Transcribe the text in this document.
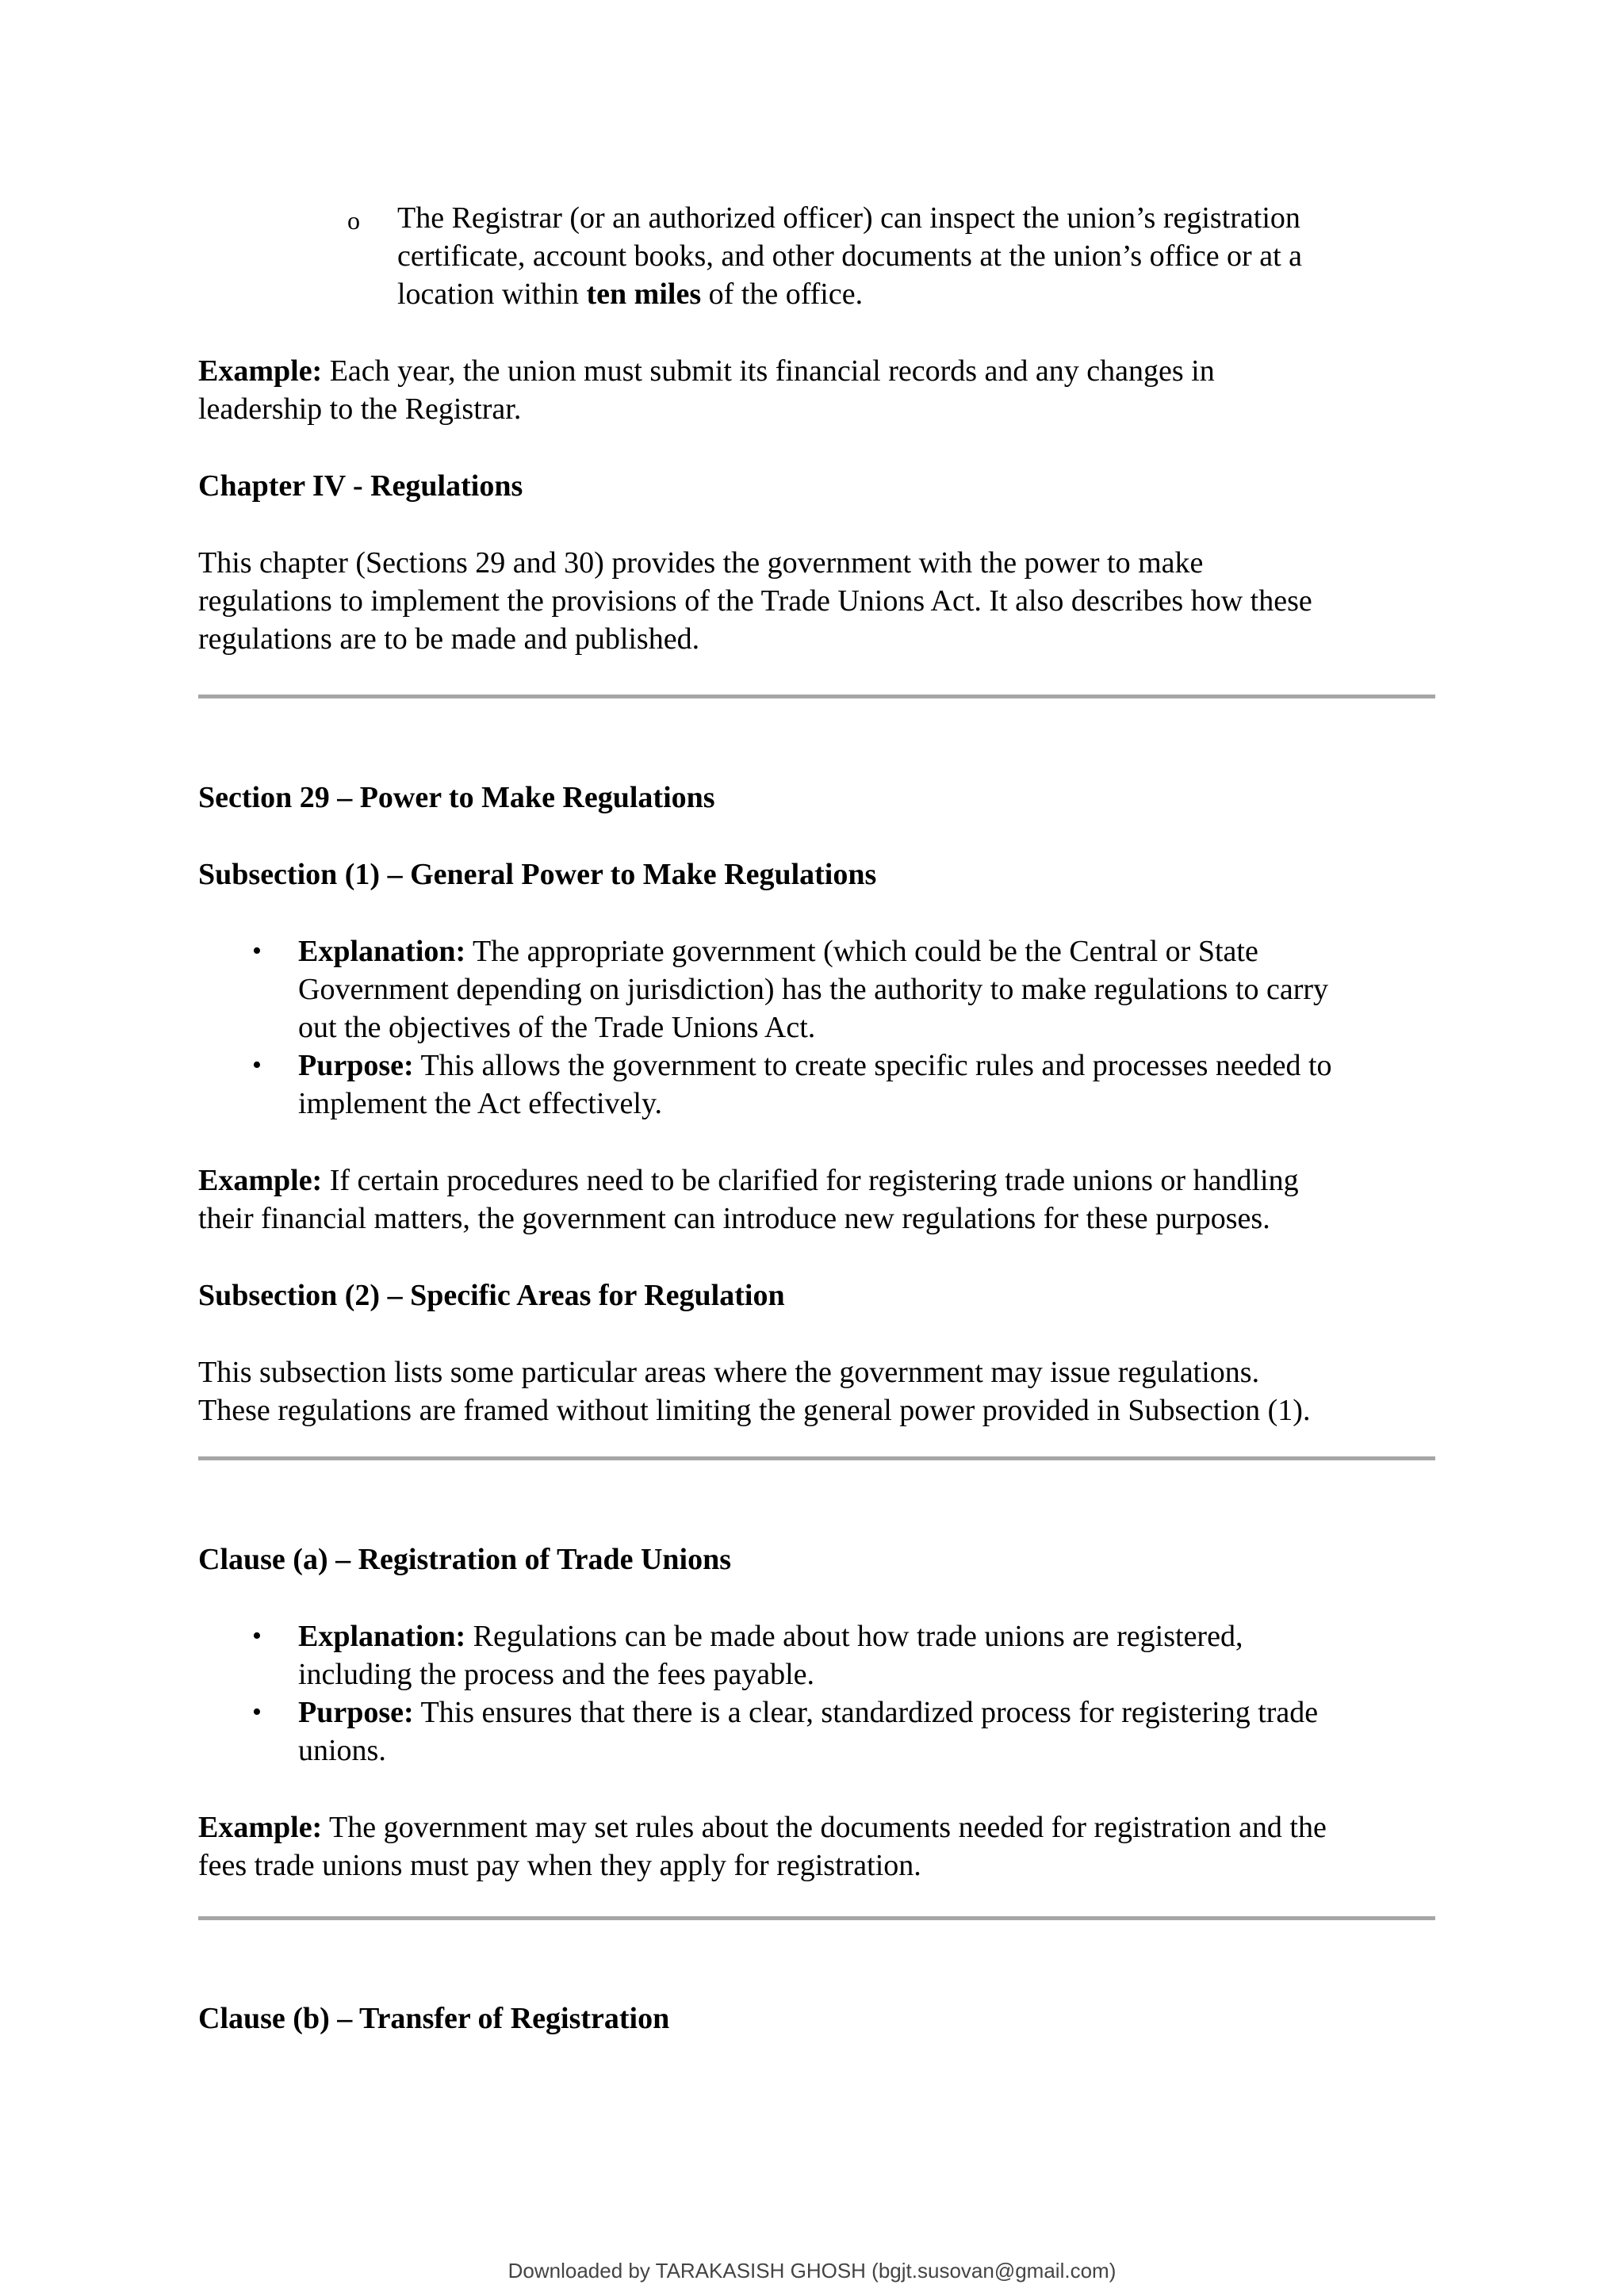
o The Registrar (or an authorized officer) can inspect the union’s registration

certificate, account books, and other documents at the union’s office or at a

location within ten miles of the office.

Example: Each year, the union must submit its financial records and any changes in

leadership to the Registrar.

Chapter IV - Regulations

This chapter (Sections 29 and 30) provides the government with the power to make

regulations to implement the provisions of the Trade Unions Act. It also describes how these

regulations are to be made and published.

Section 29 – Power to Make Regulations

Subsection (1) – General Power to Make Regulations

• Explanation: The appropriate government (which could be the Central or State

Government depending on jurisdiction) has the authority to make regulations to carry

out the objectives of the Trade Unions Act.

• Purpose: This allows the government to create specific rules and processes needed to

implement the Act effectively.

Example: If certain procedures need to be clarified for registering trade unions or handling

their financial matters, the government can introduce new regulations for these purposes.

Subsection (2) – Specific Areas for Regulation

This subsection lists some particular areas where the government may issue regulations.

These regulations are framed without limiting the general power provided in Subsection (1).

Clause (a) – Registration of Trade Unions

• Explanation: Regulations can be made about how trade unions are registered,

including the process and the fees payable.

• Purpose: This ensures that there is a clear, standardized process for registering trade

unions.

Example: The government may set rules about the documents needed for registration and the

fees trade unions must pay when they apply for registration.

Clause (b) – Transfer of Registration

Downloaded by TARAKASISH GHOSH (bgjt.susovan@gmail.com)
